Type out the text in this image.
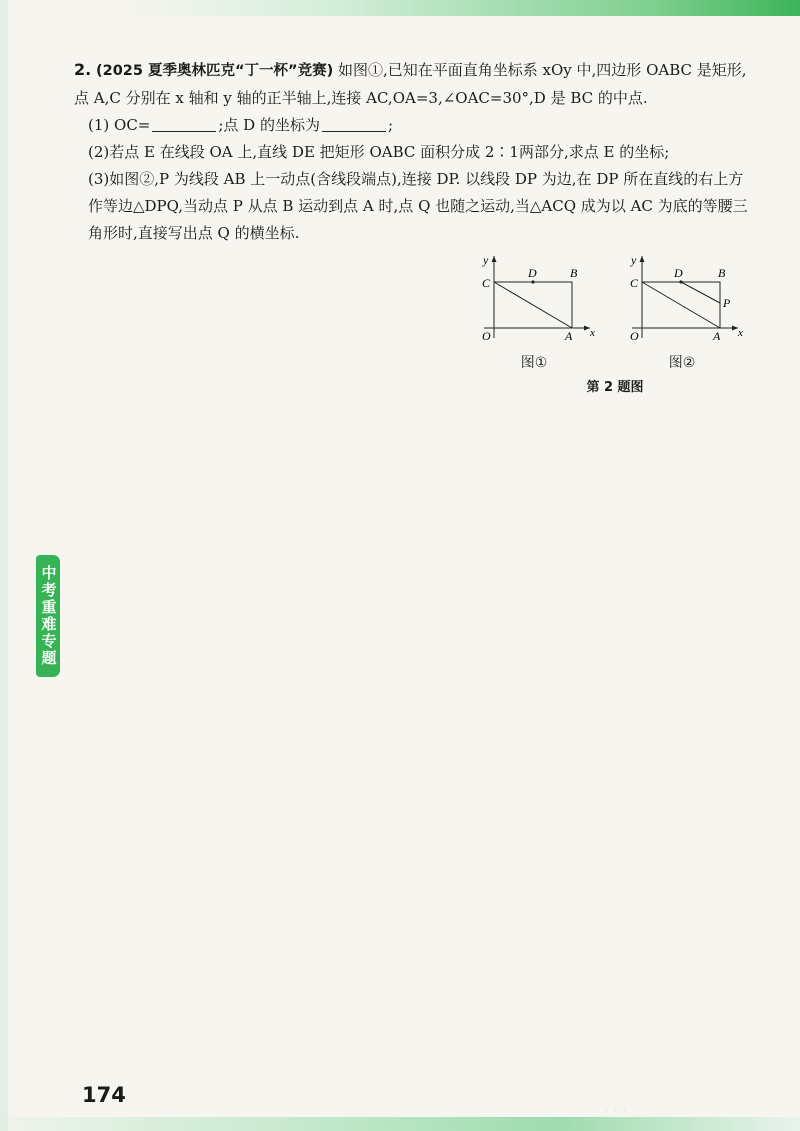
2. (2025 夏季奥林匹克“丁一杯”竞赛) 如图①,已知在平面直角坐标系 xOy 中,四边形 OABC 是矩形,点 A,C 分别在 x 轴和 y 轴的正半轴上,连接 AC,OA=3,∠OAC=30°,D 是 BC 的中点.

(1) OC=	;点 D 的坐标为	;

(2)若点 E 在线段 OA 上,直线 DE 把矩形 OABC 面积分成 2∶1两部分,求点 E 的坐标;

(3)如图②,P 为线段 AB 上一动点(含线段端点),连接 DP. 以线段 DP 为边,在 DP 所在直线的右上方作等边△DPQ,当动点 P 从点 B 运动到点 A 时,点 Q 也随之运动,当△ACQ 成为以 AC 为底的等腰三角形时,直接写出点 Q 的横坐标.

y
x
O	A
B
C
D
y
x
O	A
B
C
D
P
图①	图②
第 2 题图
中考重难专题
174
· · ·
